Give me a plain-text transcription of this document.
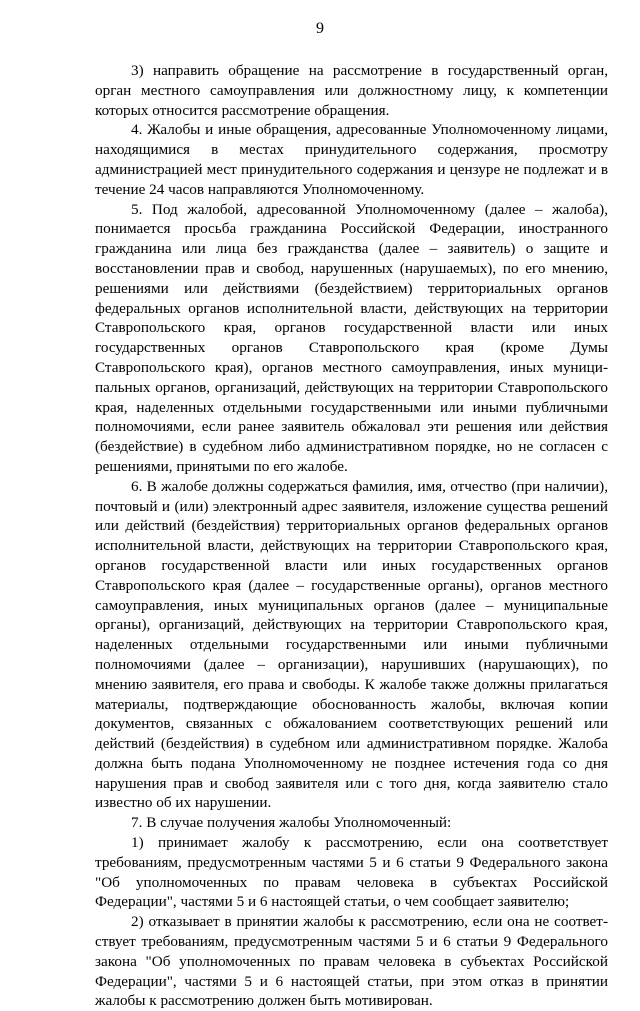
9

3) направить обращение на рассмотрение в государственный орган, орган местного самоуправления или должностному лицу, к компетенции которых относится рассмотрение обращения.

4. Жалобы и иные обращения, адресованные Уполномоченному лицами, находящимися в местах принудительного содержания, просмотру администрацией мест принудительного содержания и цензуре не подлежат и в течение 24 часов направляются Уполномоченному.

5. Под жалобой, адресованной Уполномоченному (далее – жалоба), понимается просьба гражданина Российской Федерации, иностранного гражданина или лица без гражданства (далее – заявитель) о защите и восстановлении прав и свобод, нарушенных (нарушаемых), по его мнению, решениями или действиями (бездействием) территориальных органов федеральных органов исполнительной власти, действующих на территории Ставропольского края, органов государственной власти или иных государственных органов Ставропольского края (кроме Думы Ставропольского края), органов местного самоуправления, иных муниципальных органов, организаций, действующих на территории Ставропольского края, наделенных отдельными государственными или иными публичными полномочиями, если ранее заявитель обжаловал эти решения или действия (бездействие) в судебном либо административном порядке, но не согласен с решениями, принятыми по его жалобе.

6. В жалобе должны содержаться фамилия, имя, отчество (при наличии), почтовый и (или) электронный адрес заявителя, изложение существа решений или действий (бездействия) территориальных органов федеральных органов исполнительной власти, действующих на территории Ставропольского края, органов государственной власти или иных государственных органов Ставропольского края (далее – государственные органы), органов местного самоуправления, иных муниципальных органов (далее – муниципальные органы), организаций, действующих на территории Ставропольского края, наделенных отдельными государственными или иными публичными полномочиями (далее – организации), нарушивших (нарушающих), по мнению заявителя, его права и свободы. К жалобе также должны прилагаться материалы, подтверждающие обоснованность жалобы, включая копии документов, связанных с обжалованием соответствующих решений или действий (бездействия) в судебном или административном порядке. Жалоба должна быть подана Уполномоченному не позднее истечения года со дня нарушения прав и свобод заявителя или с того дня, когда заявителю стало известно об их нарушении.

7. В случае получения жалобы Уполномоченный:

1) принимает жалобу к рассмотрению, если она соответствует требованиям, предусмотренным частями 5 и 6 статьи 9 Федерального закона "Об уполномоченных по правам человека в субъектах Российской Федерации", частями 5 и 6 настоящей статьи, о чем сообщает заявителю;

2) отказывает в принятии жалобы к рассмотрению, если она не соответствует требованиям, предусмотренным частями 5 и 6 статьи 9 Федерального закона "Об уполномоченных по правам человека в субъектах Российской Федерации", частями 5 и 6 настоящей статьи, при этом отказ в принятии жалобы к рассмотрению должен быть мотивирован.
